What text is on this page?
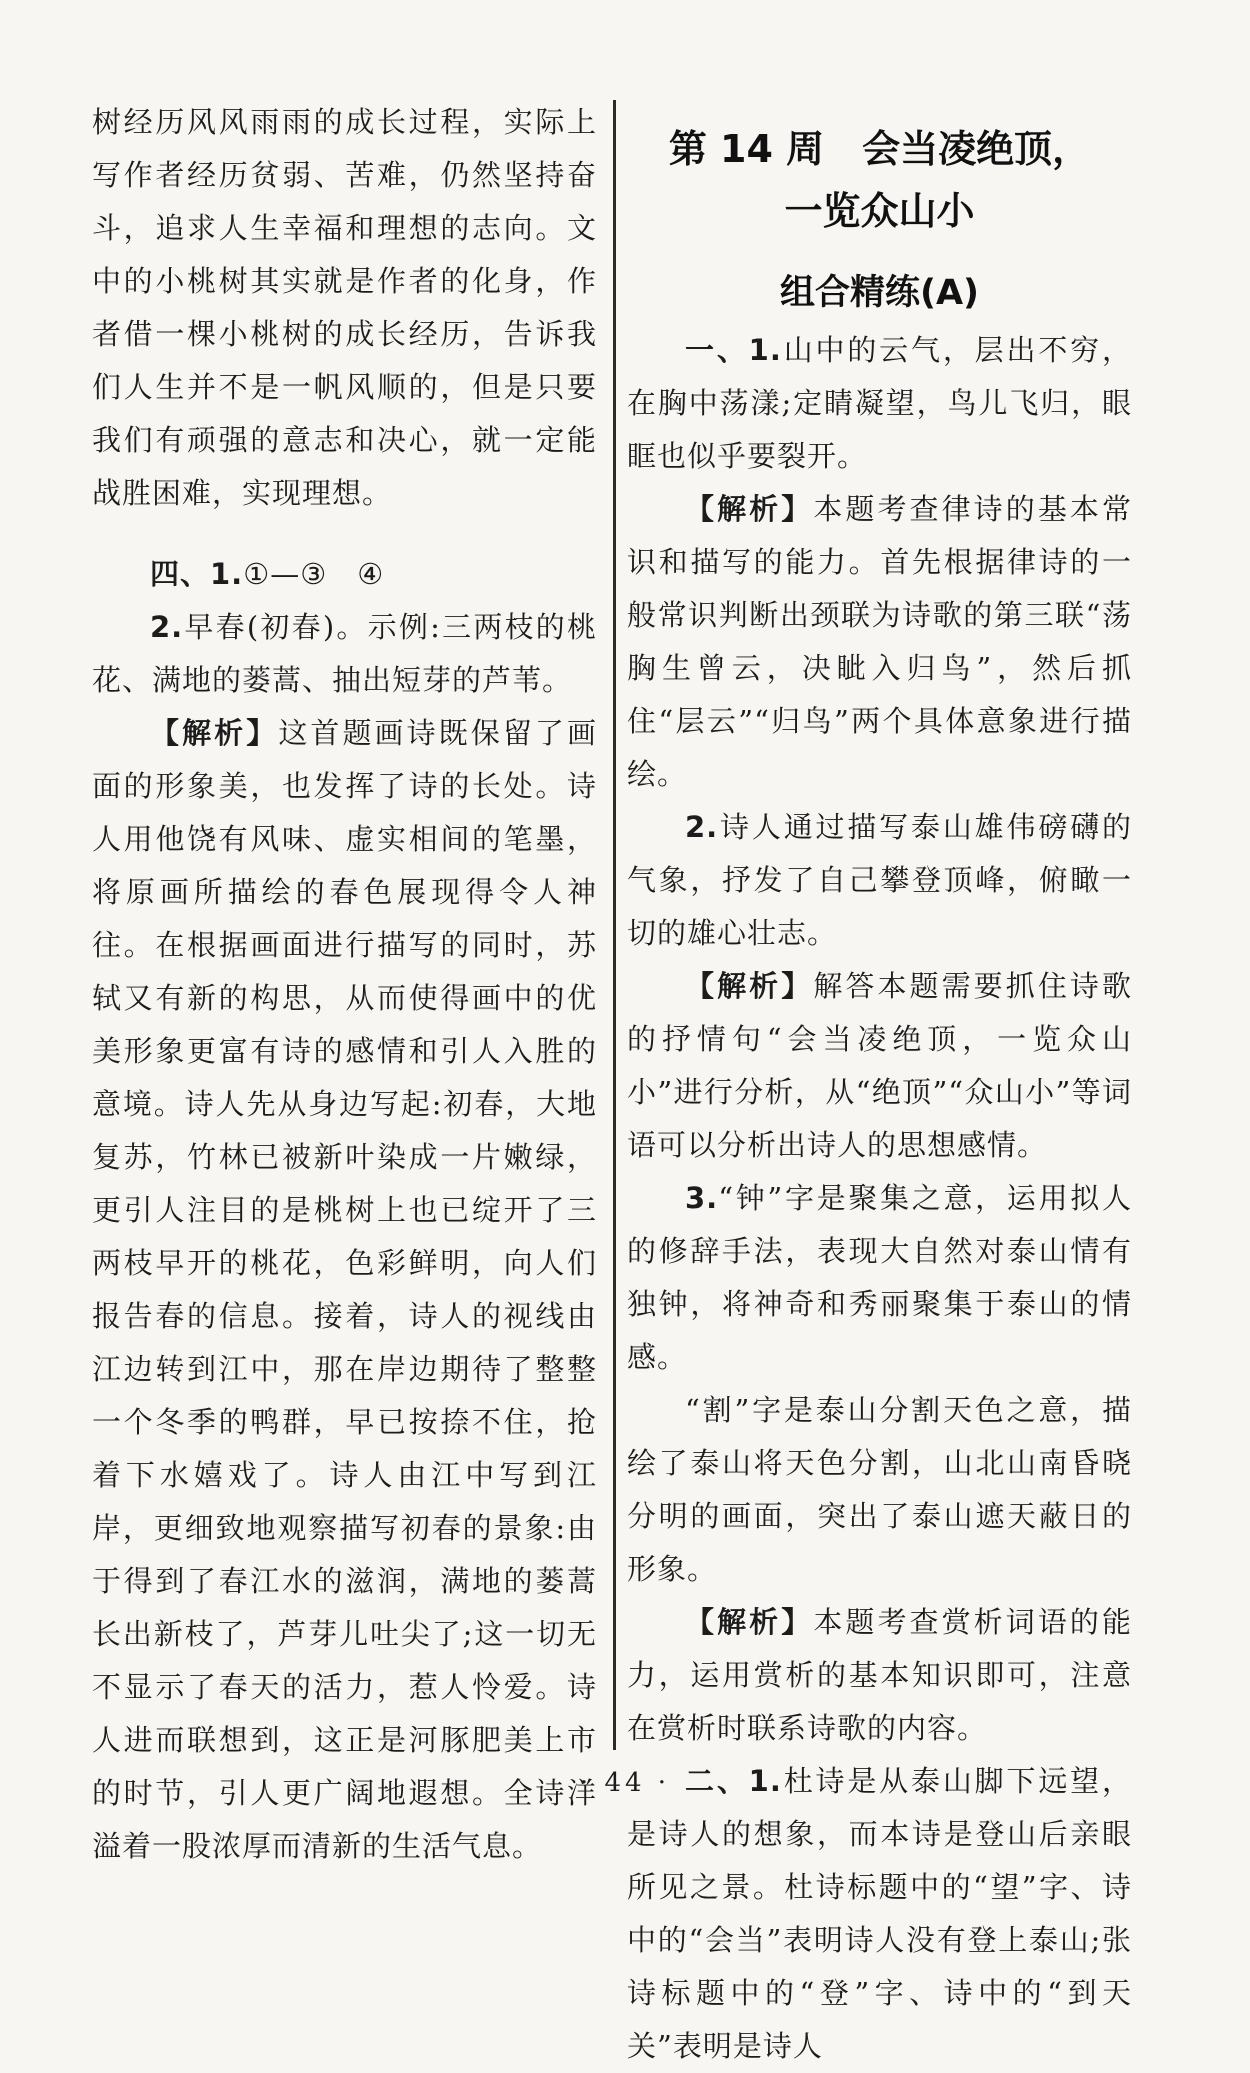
树经历风风雨雨的成长过程，实际上写作者经历贫弱、苦难，仍然坚持奋斗，追求人生幸福和理想的志向。文中的小桃树其实就是作者的化身，作者借一棵小桃树的成长经历，告诉我们人生并不是一帆风顺的，但是只要我们有顽强的意志和决心，就一定能战胜困难，实现理想。

四、1.①—③　④

2.早春(初春)。示例:三两枝的桃花、满地的蒌蒿、抽出短芽的芦苇。

【解析】这首题画诗既保留了画面的形象美，也发挥了诗的长处。诗人用他饶有风味、虚实相间的笔墨，将原画所描绘的春色展现得令人神往。在根据画面进行描写的同时，苏轼又有新的构思，从而使得画中的优美形象更富有诗的感情和引人入胜的意境。诗人先从身边写起:初春，大地复苏，竹林已被新叶染成一片嫩绿，更引人注目的是桃树上也已绽开了三两枝早开的桃花，色彩鲜明，向人们报告春的信息。接着，诗人的视线由江边转到江中，那在岸边期待了整整一个冬季的鸭群，早已按捺不住，抢着下水嬉戏了。诗人由江中写到江岸，更细致地观察描写初春的景象:由于得到了春江水的滋润，满地的蒌蒿长出新枝了，芦芽儿吐尖了;这一切无不显示了春天的活力，惹人怜爱。诗人进而联想到，这正是河豚肥美上市的时节，引人更广阔地遐想。全诗洋溢着一股浓厚而清新的生活气息。

第 14 周　会当凌绝顶，
一览众山小
组合精练(A)

一、1.山中的云气，层出不穷，在胸中荡漾;定睛凝望，鸟儿飞归，眼眶也似乎要裂开。

【解析】本题考查律诗的基本常识和描写的能力。首先根据律诗的一般常识判断出颈联为诗歌的第三联“荡胸生曾云，决眦入归鸟”，然后抓住“层云”“归鸟”两个具体意象进行描绘。

2.诗人通过描写泰山雄伟磅礴的气象，抒发了自己攀登顶峰，俯瞰一切的雄心壮志。

【解析】解答本题需要抓住诗歌的抒情句“会当凌绝顶，一览众山小”进行分析，从“绝顶”“众山小”等词语可以分析出诗人的思想感情。

3.“钟”字是聚集之意，运用拟人的修辞手法，表现大自然对泰山情有独钟，将神奇和秀丽聚集于泰山的情感。

“割”字是泰山分割天色之意，描绘了泰山将天色分割，山北山南昏晓分明的画面，突出了泰山遮天蔽日的形象。

【解析】本题考查赏析词语的能力，运用赏析的基本知识即可，注意在赏析时联系诗歌的内容。

二、1.杜诗是从泰山脚下远望，是诗人的想象，而本诗是登山后亲眼所见之景。杜诗标题中的“望”字、诗中的“会当”表明诗人没有登上泰山;张诗标题中的“登”字、诗中的“到天关”表明是诗人

· 44 ·
